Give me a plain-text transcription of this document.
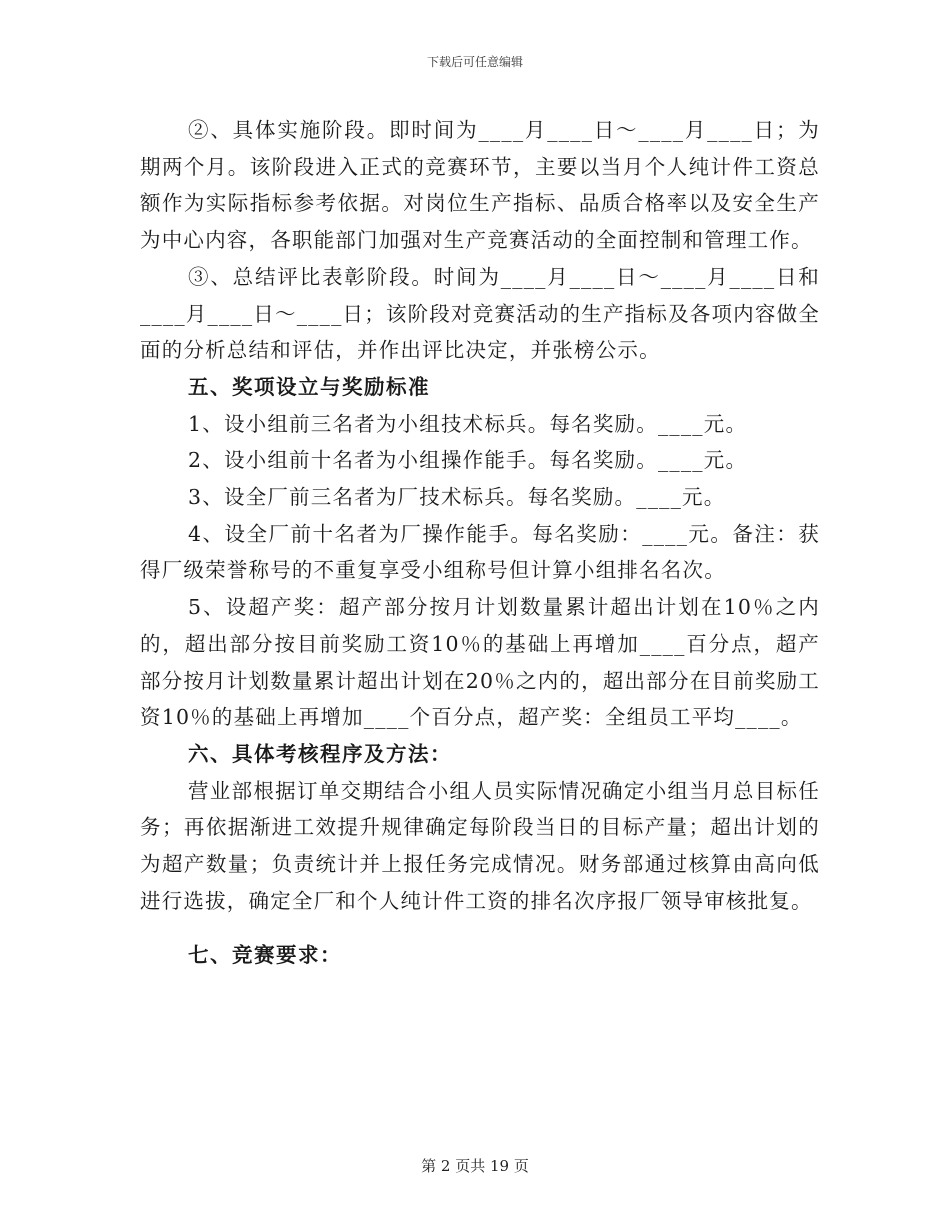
下载后可任意编辑

②、具体实施阶段。即时间为____月____日～____月____日；为期两个月。该阶段进入正式的竞赛环节，主要以当月个人纯计件工资总额作为实际指标参考依据。对岗位生产指标、品质合格率以及安全生产为中心内容，各职能部门加强对生产竞赛活动的全面控制和管理工作。

③、总结评比表彰阶段。时间为____月____日～____月____日和____月____日～____日；该阶段对竞赛活动的生产指标及各项内容做全面的分析总结和评估，并作出评比决定，并张榜公示。

五、奖项设立与奖励标准

1、设小组前三名者为小组技术标兵。每名奖励。____元。

2、设小组前十名者为小组操作能手。每名奖励。____元。

3、设全厂前三名者为厂技术标兵。每名奖励。____元。

4、设全厂前十名者为厂操作能手。每名奖励：____元。备注：获得厂级荣誉称号的不重复享受小组称号但计算小组排名名次。

5、设超产奖：超产部分按月计划数量累计超出计划在10％之内的，超出部分按目前奖励工资10％的基础上再增加____百分点，超产部分按月计划数量累计超出计划在20％之内的，超出部分在目前奖励工资10％的基础上再增加____个百分点，超产奖：全组员工平均____。

六、具体考核程序及方法：

营业部根据订单交期结合小组人员实际情况确定小组当月总目标任务；再依据渐进工效提升规律确定每阶段当日的目标产量；超出计划的为超产数量；负责统计并上报任务完成情况。财务部通过核算由高向低进行选拔，确定全厂和个人纯计件工资的排名次序报厂领导审核批复。

七、竞赛要求：

第 2 页共 19 页
